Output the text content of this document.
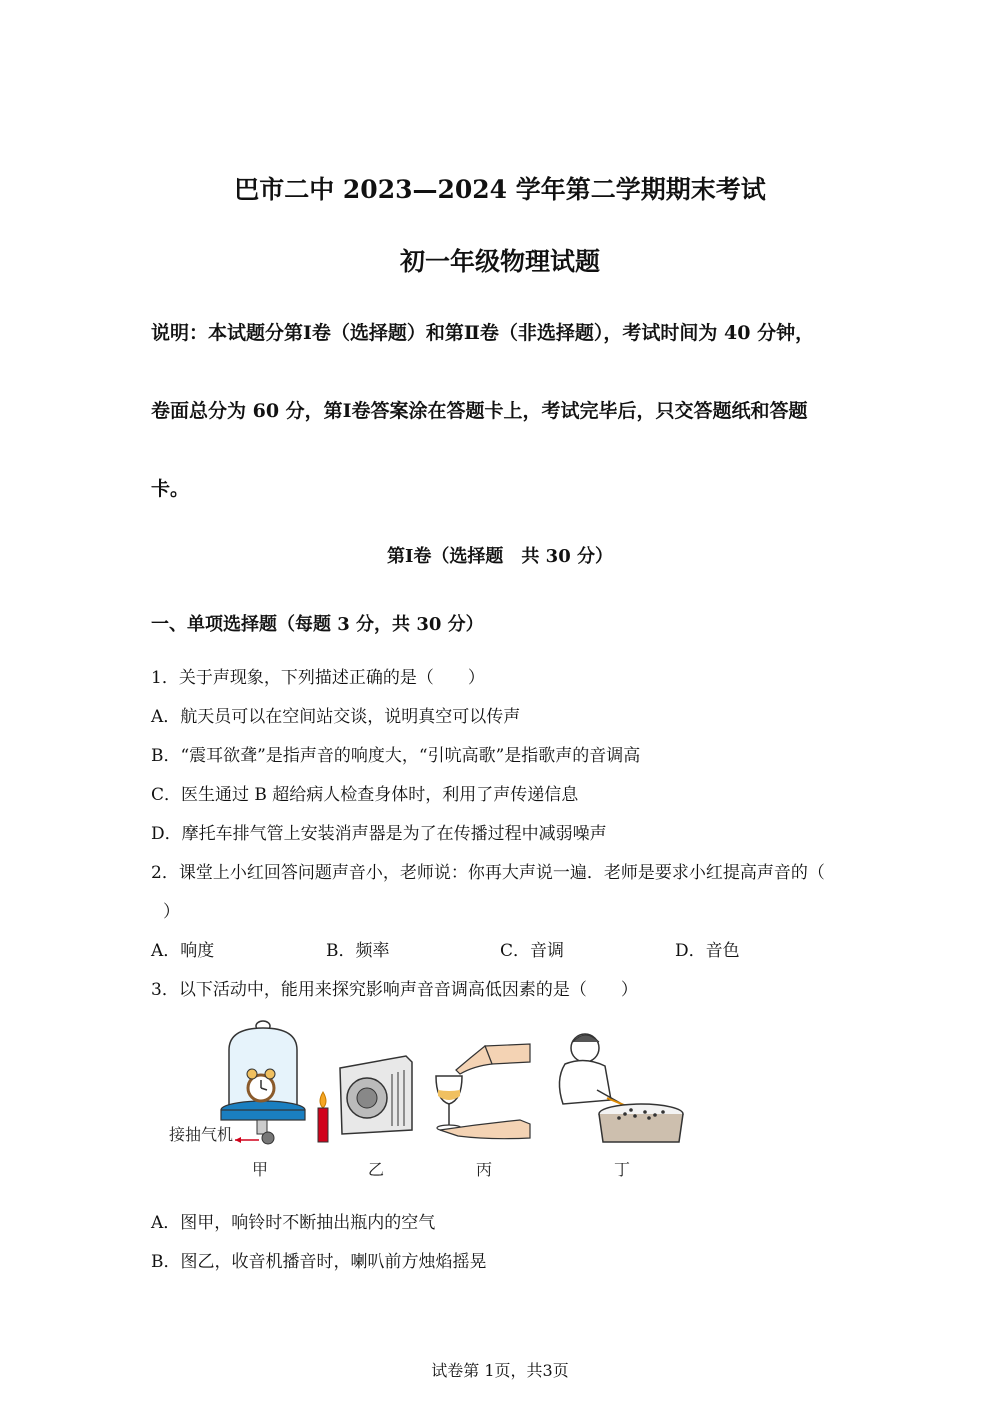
巴市二中 2023—2024 学年第二学期期末考试
初一年级物理试题
说明：本试题分第Ⅰ卷（选择题）和第Ⅱ卷（非选择题），考试时间为 40 分钟，
卷面总分为 60 分，第Ⅰ卷答案涂在答题卡上，考试完毕后，只交答题纸和答题
卡。
第Ⅰ卷（选择题　共 30 分）
一、单项选择题（每题 3 分，共 30 分）
1．关于声现象，下列描述正确的是（　　）
A．航天员可以在空间站交谈，说明真空可以传声
B．“震耳欲聋”是指声音的响度大，“引吭高歌”是指歌声的音调高
C．医生通过 B 超给病人检查身体时，利用了声传递信息
D．摩托车排气管上安装消声器是为了在传播过程中减弱噪声
2．课堂上小红回答问题声音小，老师说：你再大声说一遍．老师是要求小红提高声音的（
）
A．响度	B．频率	C．音调	D．音色
3．以下活动中，能用来探究影响声音音调高低因素的是（　　）
接抽气机
甲	乙	丙	丁
A．图甲，响铃时不断抽出瓶内的空气
B．图乙，收音机播音时，喇叭前方烛焰摇晃
试卷第 1页，共3页
